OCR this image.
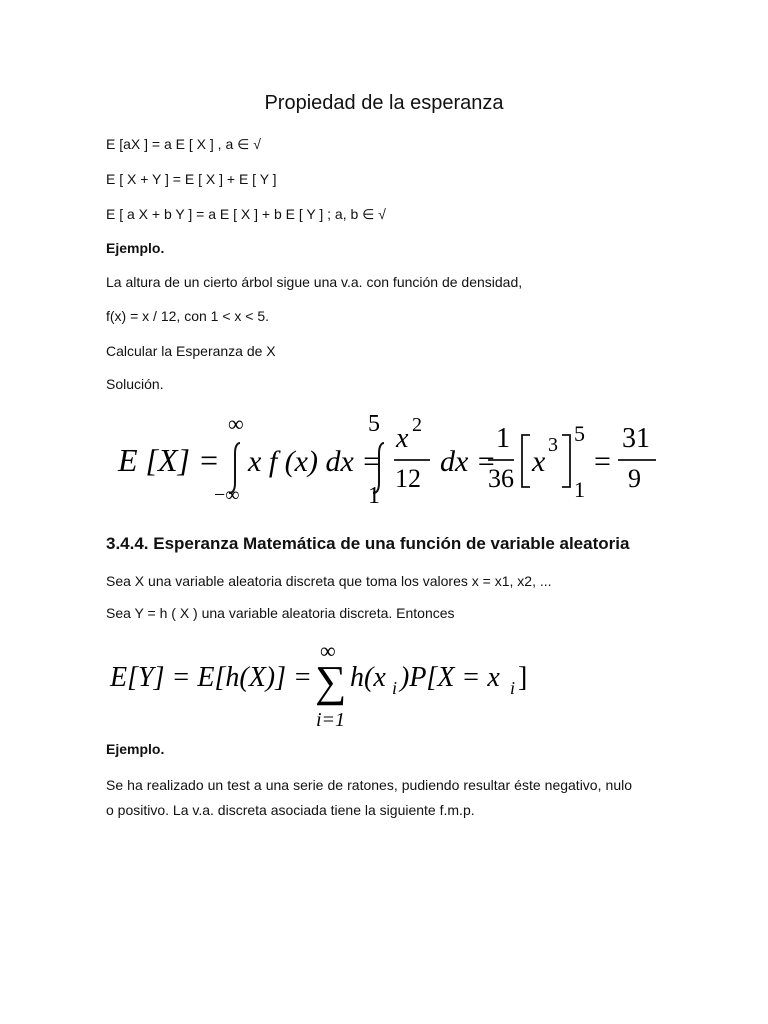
Propiedad de la esperanza
E [aX ] = a E [ X ] , a ∈ √
E [ X + Y ] = E [ X ] + E [ Y ]
E [ a X + b Y ] = a E [ X ] + b E [ Y ] ; a, b ∈ √
Ejemplo.
La altura de un cierto árbol sigue una v.a. con función de densidad,
f(x) = x / 12, con 1 < x < 5.
Calcular la Esperanza de X
Solución.
E [X] =
∞
−∞
x f (x) dx =
5
1
x 2
12
dx =
1
36
x 3 5
1
=
31
9
3.4.4. Esperanza Matemática de una función de variable aleatoria
Sea X una variable aleatoria discreta que toma los valores x = x1, x2, ...
Sea Y = h ( X ) una variable aleatoria discreta. Entonces
E[Y] = E[h(X)] =
∞
∑
i=1
h(x i )P[X = x i ]
Ejemplo.
Se ha realizado un test a una serie de ratones, pudiendo resultar éste negativo, nulo o positivo. La v.a. discreta asociada tiene la siguiente f.m.p.
